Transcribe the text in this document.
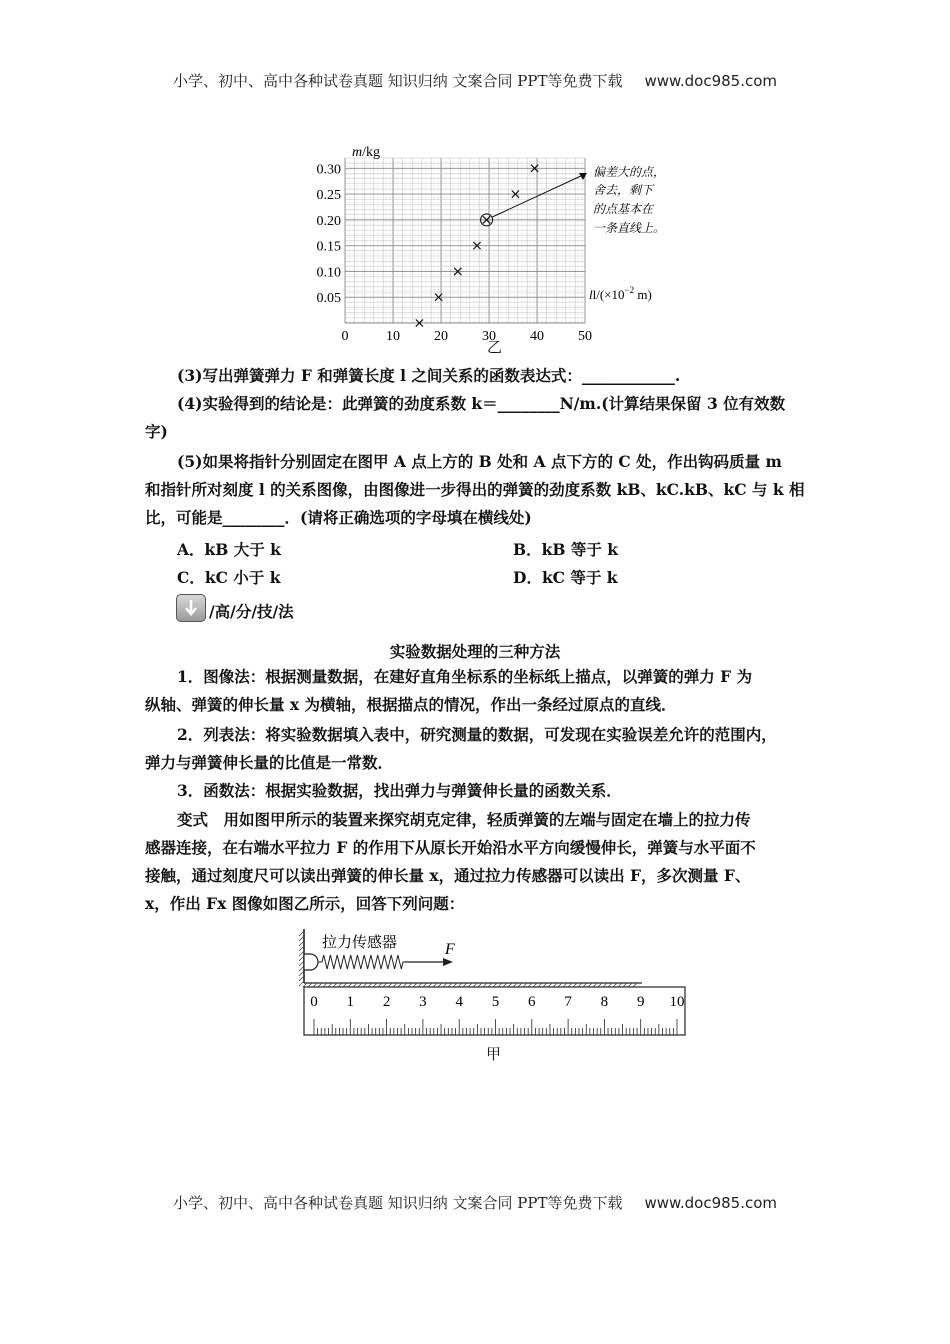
小学、初中、高中各种试卷真题 知识归纳 文案合同 PPT等免费下载 www.doc985.com
0	10 20 30 40 50
0.05
0.10
0.15
0.20
0.25
0.30
m/kg
$ll/(\times 10^{-2}$ m)
偏差大的点，
舍去，剩下
的点基本在
一条直线上。
乙
(3)写出弹簧弹力 F 和弹簧长度 l 之间关系的函数表达式：____________.
(4)实验得到的结论是：此弹簧的劲度系数 k＝________N/m.(计算结果保留 3 位有效数
字)
(5)如果将指针分别固定在图甲 A 点上方的 B 处和 A 点下方的 C 处，作出钩码质量 m
和指针所对刻度 l 的关系图像，由图像进一步得出的弹簧的劲度系数 kB、kC.kB、kC 与 k 相
比，可能是________．(请将正确选项的字母填在横线处)
A．kB 大于 k	B．kB 等于 k
C．kC 小于 k	D．kC 等于 k
/高/分/技/法
实验数据处理的三种方法
1．图像法：根据测量数据，在建好直角坐标系的坐标纸上描点，以弹簧的弹力 F 为
纵轴、弹簧的伸长量 x 为横轴，根据描点的情况，作出一条经过原点的直线．
2．列表法：将实验数据填入表中，研究测量的数据，可发现在实验误差允许的范围内，
弹力与弹簧伸长量的比值是一常数．
3．函数法：根据实验数据，找出弹力与弹簧伸长量的函数关系．
变式　用如图甲所示的装置来探究胡克定律，轻质弹簧的左端与固定在墙上的拉力传
感器连接，在右端水平拉力 F 的作用下从原长开始沿水平方向缓慢伸长，弹簧与水平面不
接触，通过刻度尺可以读出弹簧的伸长量 x，通过拉力传感器可以读出 F，多次测量 F、
x，作出 Fx 图像如图乙所示，回答下列问题：
拉力传感器	F
0 1 2 3 4 5 6 7 8 9 10
甲
小学、初中、高中各种试卷真题 知识归纳 文案合同 PPT等免费下载 www.doc985.com
